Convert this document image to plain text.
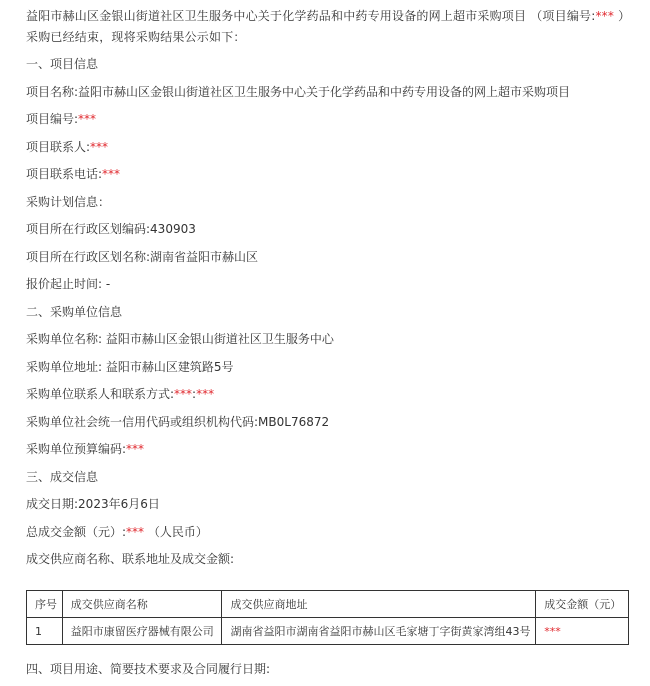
益阳市赫山区金银山街道社区卫生服务中心关于化学药品和中药专用设备的网上超市采购项目 （项目编号:*** ）采购已经结束，现将采购结果公示如下：
一、项目信息
项目名称:益阳市赫山区金银山街道社区卫生服务中心关于化学药品和中药专用设备的网上超市采购项目
项目编号:***
项目联系人:***
项目联系电话:***
采购计划信息：
项目所在行政区划编码:430903
项目所在行政区划名称:湖南省益阳市赫山区
报价起止时间: -
二、采购单位信息
采购单位名称: 益阳市赫山区金银山街道社区卫生服务中心
采购单位地址: 益阳市赫山区建筑路5号
采购单位联系人和联系方式:***:***
采购单位社会统一信用代码或组织机构代码:MB0L76872
采购单位预算编码:***
三、成交信息
成交日期:2023年6月6日
总成交金额（元）:*** （人民币）
成交供应商名称、联系地址及成交金额:
序号	成交供应商名称	成交供应商地址	成交金额（元）
1	益阳市康留医疗器械有限公司	湖南省益阳市湖南省益阳市赫山区毛家塘丁字街黄家湾组43号	***
四、项目用途、简要技术要求及合同履行日期:
